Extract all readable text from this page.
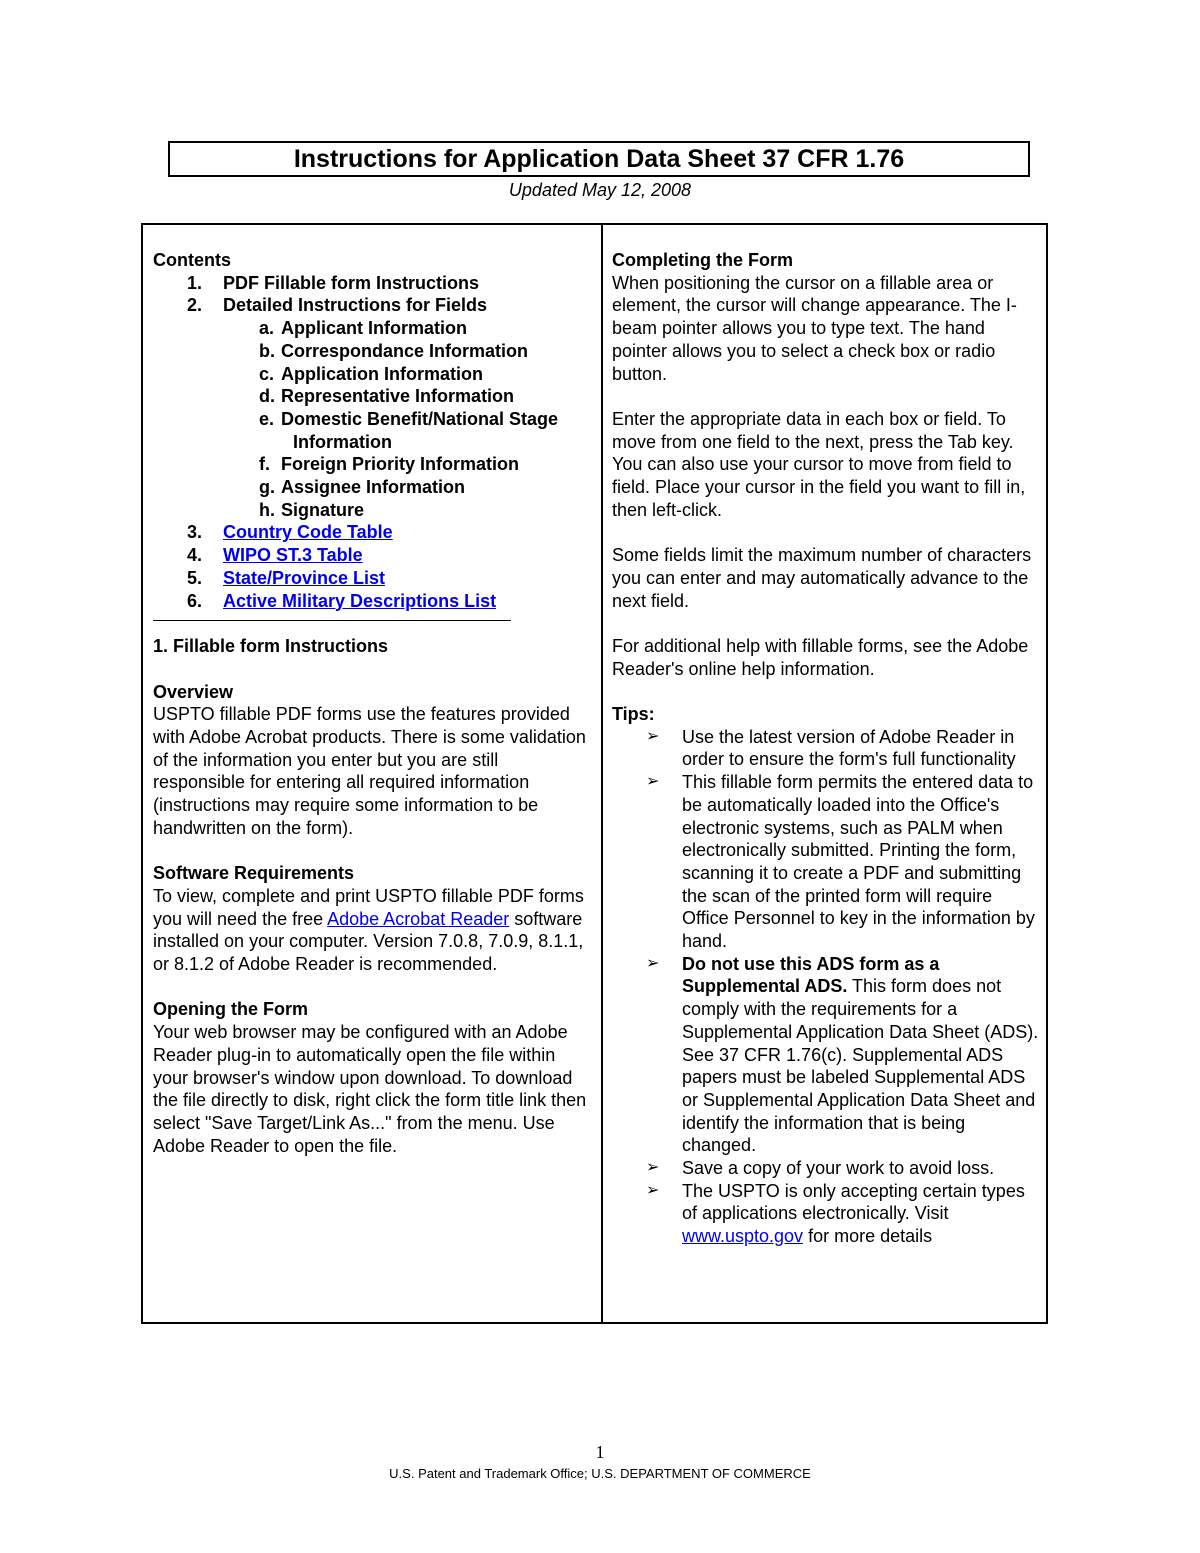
Instructions for Application Data Sheet 37 CFR 1.76
Updated May 12, 2008

Contents

1. PDF Fillable form Instructions
2. Detailed Instructions for Fields
a. Applicant Information
b. Correspondance Information
c. Application Information
d. Representative Information
e. Domestic Benefit/National Stage
Information
f. Foreign Priority Information
g. Assignee Information
h. Signature
3. Country Code Table
4. WIPO ST.3 Table
5. State/Province List
6. Active Military Descriptions List

1. Fillable form Instructions

Overview

USPTO fillable PDF forms use the features provided with Adobe Acrobat products. There is some validation of the information you enter but you are still responsible for entering all required information (instructions may require some information to be handwritten on the form).

Software Requirements

To view, complete and print USPTO fillable PDF forms you will need the free Adobe Acrobat Reader software installed on your computer. Version 7.0.8, 7.0.9, 8.1.1, or 8.1.2 of Adobe Reader is recommended.

Opening the Form

Your web browser may be configured with an Adobe Reader plug-in to automatically open the file within your browser's window upon download. To download the file directly to disk, right click the form title link then select "Save Target/Link As..." from the menu. Use Adobe Reader to open the file.

Completing the Form

When positioning the cursor on a fillable area or element, the cursor will change appearance. The I-beam pointer allows you to type text. The hand pointer allows you to select a check box or radio button.

Enter the appropriate data in each box or field. To move from one field to the next, press the Tab key. You can also use your cursor to move from field to field. Place your cursor in the field you want to fill in, then left-click.

Some fields limit the maximum number of characters you can enter and may automatically advance to the next field.

For additional help with fillable forms, see the Adobe Reader's online help information.

Tips:

➢ Use the latest version of Adobe Reader in order to ensure the form's full functionality
➢ This fillable form permits the entered data to be automatically loaded into the Office's electronic systems, such as PALM when electronically submitted. Printing the form, scanning it to create a PDF and submitting the scan of the printed form will require Office Personnel to key in the information by hand.
➢ Do not use this ADS form as a Supplemental ADS. This form does not comply with the requirements for a Supplemental Application Data Sheet (ADS). See 37 CFR 1.76(c). Supplemental ADS papers must be labeled Supplemental ADS or Supplemental Application Data Sheet and identify the information that is being changed.
➢ Save a copy of your work to avoid loss.
➢ The USPTO is only accepting certain types of applications electronically. Visit www.uspto.gov for more details
1
U.S. Patent and Trademark Office; U.S. DEPARTMENT OF COMMERCE
